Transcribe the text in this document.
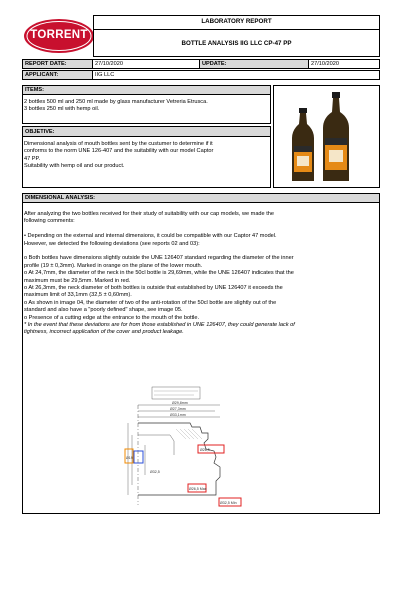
TORRENT
LABORATORY REPORT
BOTTLE ANALYSIS IIG LLC CP-47 PP
REPORT DATE:	27/10/2020	UPDATE:	27/10/2020
APPLICANT:	IIG LLC
ITEMS:

2 bottles 500 ml and 250 ml made by glass manufacturer Vetreria Etrusca.

3 bottles 250 ml with hemp oil.

OBJETIVE:

Dimensional analysis of mouth bottles sent by the custumer to determine if it

conforms to the norm UNE 126-407 and the suitability with our model Captor

47 PP.

Suitability with hemp oil and our product.

DIMENSIONAL ANALYSIS:

After analyzing the two bottles received for their study of suitability with our cap models, we made the

following comments:

• Depending on the external and internal dimensions, it could be compatible with our Captor 47 model.

However, we detected the following deviations (see reports 02 and 03):

o Both bottles have dimensions slightly outside the UNE 126407 standard regarding the diameter of the inner

profile (19 ± 0,3mm). Marked in orange on the plane of the lower mouth.

o At 24,7mm, the diameter of the neck in the 50cl bottle is 29,69mm, while the UNE 126407 indicates that the

maximum must be 29,5mm. Marked in red.

o At 26,3mm, the neck diameter of both bottles is outside that established by UNE 126407 it exceeds the

maximum limit of 33,1mm (32,5 ± 0,60mm).

o As shown in image 04, the diameter of two of the anti-rotation of the 50cl bottle are slightly out of the

standard and also have a "poorly defined" shape, see image 05.

o Presence of a cutting edge at the entrance to the mouth of the bottle.

* In the event that these deviations are for from those established in UNE 126407, they could generate lack of

tightness, incorrect application of the cover and product leakage.

Ø29,8mm
Ø27,3mm
Ø33,1mm
Ø26,5
Ø32,5
Ø19
Ø26,5 Max
Ø32,5 Min
